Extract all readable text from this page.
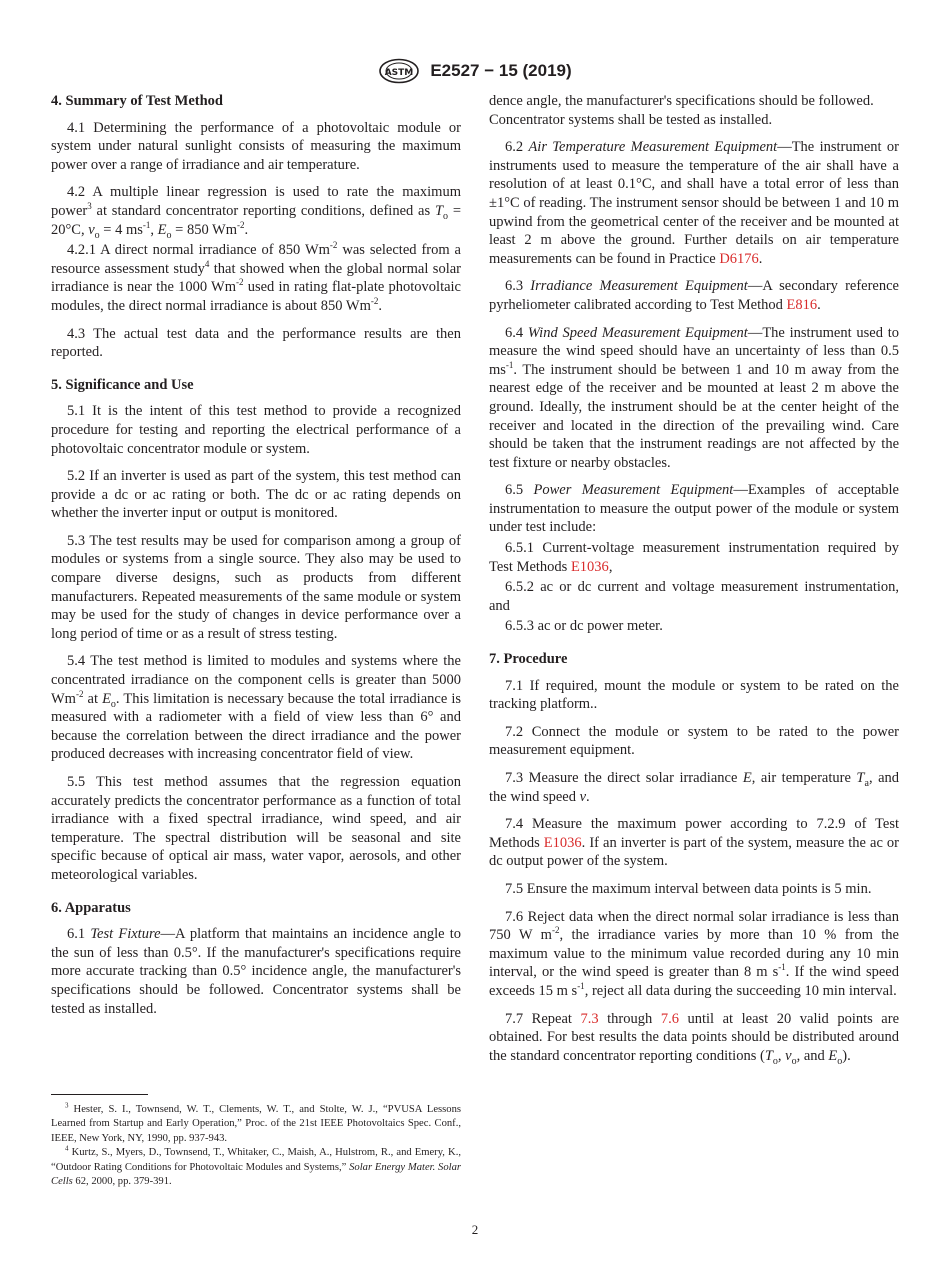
ASTM E2527 − 15 (2019)
4. Summary of Test Method

4.1 Determining the performance of a photovoltaic module or system under natural sunlight consists of measuring the maximum power over a range of irradiance and air temperature.

4.2 A multiple linear regression is used to rate the maximum power$^3$ at standard concentrator reporting conditions, defined as $T_o = 20^\circ C$, $v_o = 4$ $ms^{-1}$, $E_o = 850$ $Wm^{-2}$.

4.2.1 A direct normal irradiance of 850 $Wm^{-2}$ was selected from a resource assessment study$^4$ that showed when the global normal solar irradiance is near the 1000 $Wm^{-2}$ used in rating flat-plate photovoltaic modules, the direct normal irradiance is about 850 $Wm^{-2}$.

4.3 The actual test data and the performance results are then reported.

5. Significance and Use

5.1 It is the intent of this test method to provide a recognized procedure for testing and reporting the electrical performance of a photovoltaic concentrator module or system.

5.2 If an inverter is used as part of the system, this test method can provide a dc or ac rating or both. The dc or ac rating depends on whether the inverter input or output is monitored.

5.3 The test results may be used for comparison among a group of modules or systems from a single source. They also may be used to compare diverse designs, such as products from different manufacturers. Repeated measurements of the same module or system may be used for the study of changes in device performance over a long period of time or as a result of stress testing.

5.4 The test method is limited to modules and systems where the concentrated irradiance on the component cells is greater than 5000 $Wm^{-2}$ at $E_o$. This limitation is necessary because the total irradiance is measured with a radiometer with a field of view less than 6° and because the correlation between the direct irradiance and the power produced decreases with increasing concentrator field of view.

5.5 This test method assumes that the regression equation accurately predicts the concentrator performance as a function of total irradiance with a fixed spectral irradiance, wind speed, and air temperature. The spectral distribution will be seasonal and site specific because of optical air mass, water vapor, aerosols, and other meteorological variables.

6. Apparatus

6.1 Test Fixture—A platform that maintains an incidence angle to the sun of less than 0.5°. If the manufacturer's specifications require more accurate tracking than 0.5° incidence angle, the manufacturer's specifications should be followed. Concentrator systems shall be tested as installed.

$^3$ Hester, S. I., Townsend, W. T., Clements, W. T., and Stolte, W. J., “PVUSA Lessons Learned from Startup and Early Operation,” Proc. of the 21st IEEE Photovoltaics Spec. Conf., IEEE, New York, NY, 1990, pp. 937-943.

$^4$ Kurtz, S., Myers, D., Townsend, T., Whitaker, C., Maish, A., Hulstrom, R., and Emery, K., “Outdoor Rating Conditions for Photovoltaic Modules and Systems,” Solar Energy Mater. Solar Cells 62, 2000, pp. 379-391.

dence angle, the manufacturer's specifications should be followed. Concentrator systems shall be tested as installed.

6.2 Air Temperature Measurement Equipment—The instrument or instruments used to measure the temperature of the air shall have a resolution of at least 0.1°C, and shall have a total error of less than ±1°C of reading. The instrument sensor should be between 1 and 10 m upwind from the geometrical center of the receiver and be mounted at least 2 m above the ground. Further details on air temperature measurements can be found in Practice D6176.

6.3 Irradiance Measurement Equipment—A secondary reference pyrheliometer calibrated according to Test Method E816.

6.4 Wind Speed Measurement Equipment—The instrument used to measure the wind speed should have an uncertainty of less than 0.5 $ms^{-1}$. The instrument should be between 1 and 10 m away from the nearest edge of the receiver and be mounted at least 2 m above the ground. Ideally, the instrument should be at the center height of the receiver and located in the direction of the prevailing wind. Care should be taken that the instrument readings are not affected by the test fixture or nearby obstacles.

6.5 Power Measurement Equipment—Examples of acceptable instrumentation to measure the output power of the module or system under test include:

6.5.1 Current-voltage measurement instrumentation required by Test Methods E1036,

6.5.2 ac or dc current and voltage measurement instrumentation, and

6.5.3 ac or dc power meter.

7. Procedure

7.1 If required, mount the module or system to be rated on the tracking platform..

7.2 Connect the module or system to be rated to the power measurement equipment.

7.3 Measure the direct solar irradiance E, air temperature $T_a$, and the wind speed v.

7.4 Measure the maximum power according to 7.2.9 of Test Methods E1036. If an inverter is part of the system, measure the ac or dc output power of the system.

7.5 Ensure the maximum interval between data points is 5 min.

7.6 Reject data when the direct normal solar irradiance is less than 750 W $m^{-2}$, the irradiance varies by more than 10 % from the maximum value to the minimum value recorded during any 10 min interval, or the wind speed is greater than 8 m $s^{-1}$. If the wind speed exceeds 15 m $s^{-1}$, reject all data during the succeeding 10 min interval.

7.7 Repeat 7.3 through 7.6 until at least 20 valid points are obtained. For best results the data points should be distributed around the standard concentrator reporting conditions ($T_o$, $v_o$, and $E_o$).

2
